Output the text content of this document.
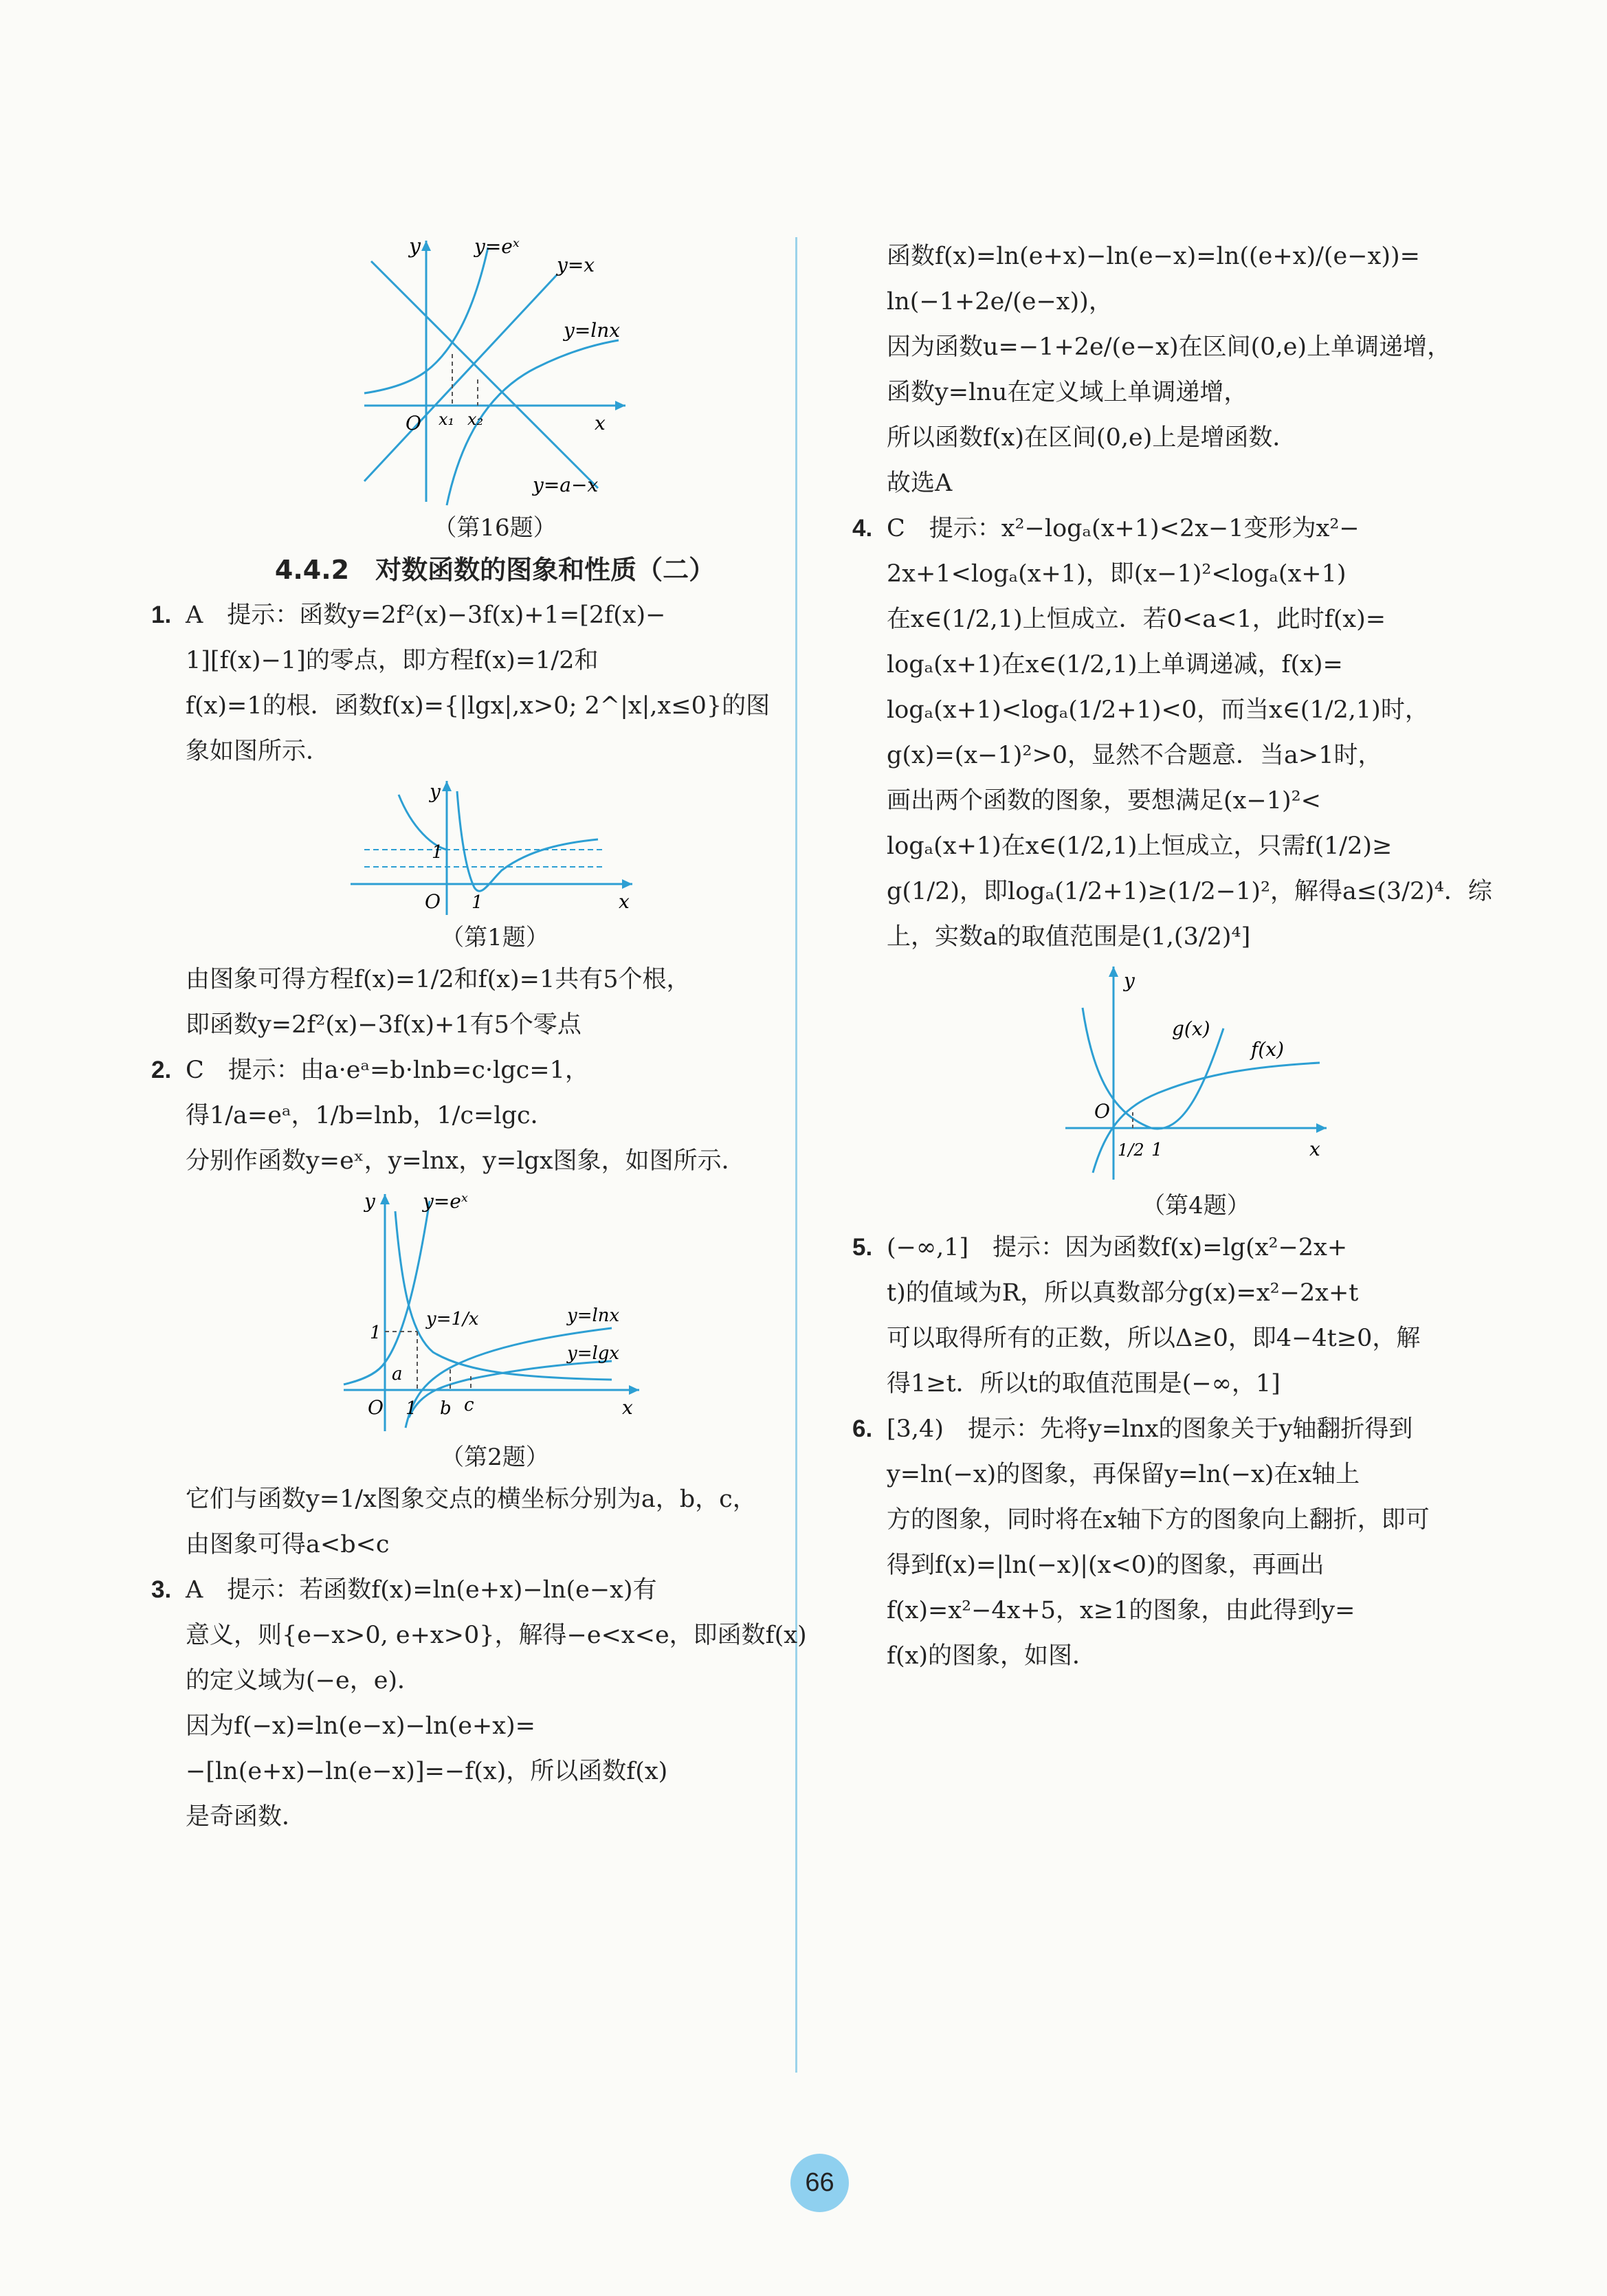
y	y=eˣ
y=x
y=lnx
O x₁ x₂	x
y=a−x
（第16题）
4.4.2　对数函数的图象和性质（二）
1. A　提示：函数y=2f²(x)−3f(x)+1=[2f(x)−
1][f(x)−1]的零点，即方程f(x)=1/2和
f(x)=1的根．函数f(x)={|lgx|,x>0; 2^|x|,x≤0}的图
象如图所示．
y
1
O 1	x
（第1题）
由图象可得方程f(x)=1/2和f(x)=1共有5个根，
即函数y=2f²(x)−3f(x)+1有5个零点
2. C　提示：由a·eᵃ=b·lnb=c·lgc=1，
得1/a=eᵃ，1/b=lnb，1/c=lgc．
分别作函数y=eˣ，y=lnx，y=lgx图象，如图所示．
y y=eˣ
y=1/x	y=lnx
y=lgx
1
a
O 1 b c	x
（第2题）
它们与函数y=1/x图象交点的横坐标分别为a，b，c，
由图象可得a<b<c
3. A　提示：若函数f(x)=ln(e+x)−ln(e−x)有
意义，则{e−x>0, e+x>0}，解得−e<x<e，即函数f(x)
的定义域为(−e，e)．
因为f(−x)=ln(e−x)−ln(e+x)=
−[ln(e+x)−ln(e−x)]=−f(x)，所以函数f(x)
是奇函数．
函数f(x)=ln(e+x)−ln(e−x)=ln((e+x)/(e−x))=
ln(−1+2e/(e−x))，
因为函数u=−1+2e/(e−x)在区间(0,e)上单调递增，
函数y=lnu在定义域上单调递增，
所以函数f(x)在区间(0,e)上是增函数．
故选A
4. C　提示：x²−logₐ(x+1)<2x−1变形为x²−
2x+1<logₐ(x+1)，即(x−1)²<logₐ(x+1)
在x∈(1/2,1)上恒成立．若0<a<1，此时f(x)=
logₐ(x+1)在x∈(1/2,1)上单调递减，f(x)=
logₐ(x+1)<logₐ(1/2+1)<0，而当x∈(1/2,1)时，
g(x)=(x−1)²>0，显然不合题意．当a>1时，
画出两个函数的图象，要想满足(x−1)²<
logₐ(x+1)在x∈(1/2,1)上恒成立，只需f(1/2)≥
g(1/2)，即logₐ(1/2+1)≥(1/2−1)²，解得a≤(3/2)⁴．综
上，实数a的取值范围是(1,(3/2)⁴]
y
g(x)
f(x)
O
1/2 1	x
（第4题）
5. (−∞,1]　提示：因为函数f(x)=lg(x²−2x+
t)的值域为R，所以真数部分g(x)=x²−2x+t
可以取得所有的正数，所以Δ≥0，即4−4t≥0，解
得1≥t．所以t的取值范围是(−∞，1]
6. [3,4)　提示：先将y=lnx的图象关于y轴翻折得到
y=ln(−x)的图象，再保留y=ln(−x)在x轴上
方的图象，同时将在x轴下方的图象向上翻折，即可
得到f(x)=|ln(−x)|(x<0)的图象，再画出
f(x)=x²−4x+5，x≥1的图象，由此得到y=
f(x)的图象，如图．
66
